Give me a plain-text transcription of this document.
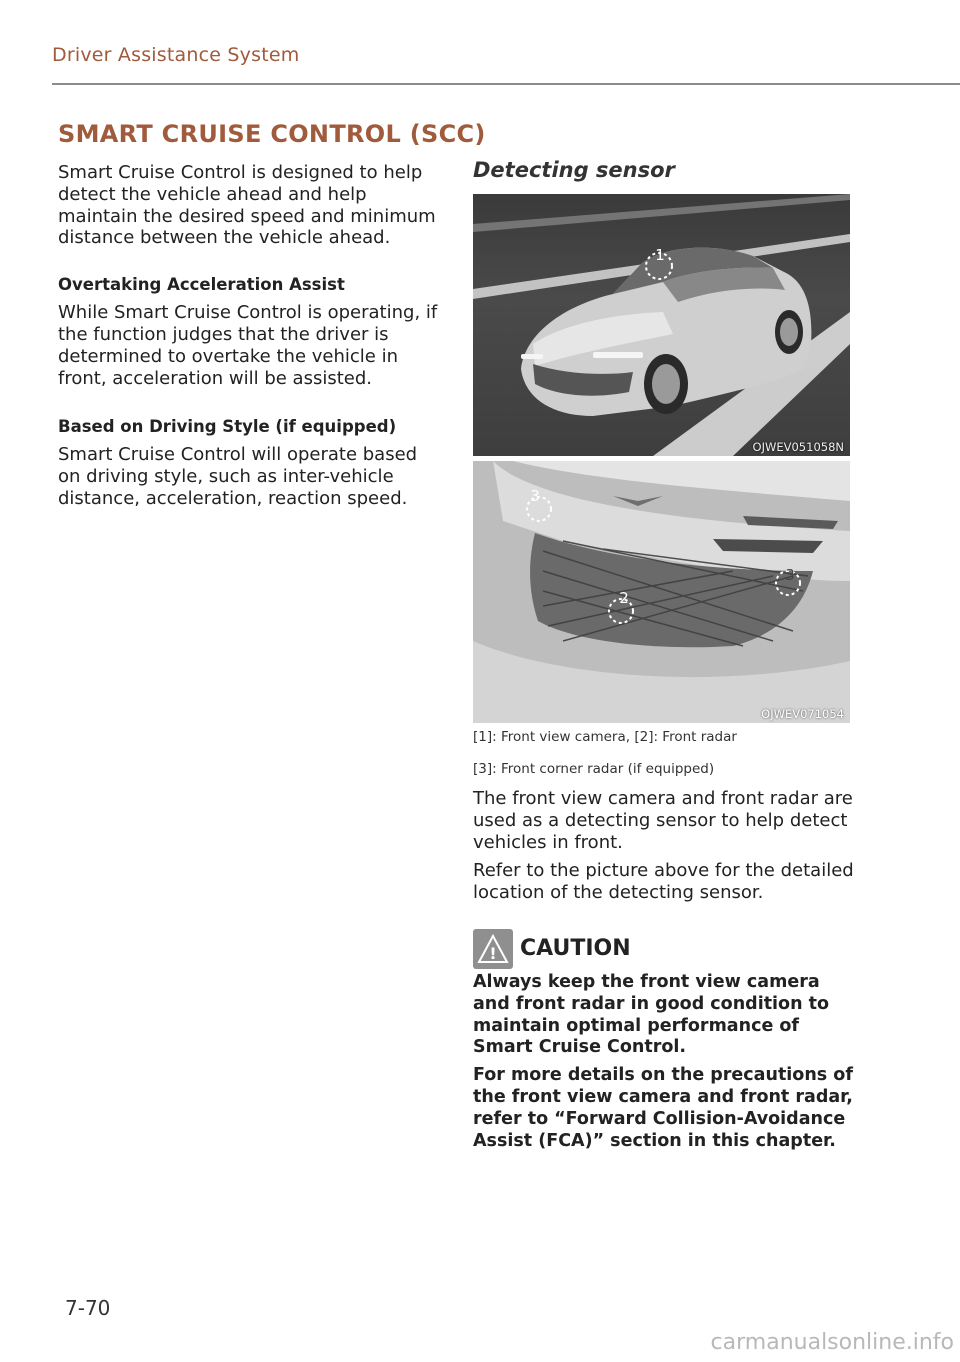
Driver Assistance System
SMART CRUISE CONTROL (SCC)

Smart Cruise Control is designed to help detect the vehicle ahead and help maintain the desired speed and minimum distance between the vehicle ahead.

Overtaking Acceleration Assist

While Smart Cruise Control is operating, if the function judges that the driver is determined to overtake the vehicle in front, acceleration will be assisted.

Based on Driving Style (if equipped)

Smart Cruise Control will operate based on driving style, such as inter-vehicle distance, acceleration, reaction speed.

Detecting sensor

1
OJWEV051058N
3
2
3
OJWEV071054
[1]: Front view camera, [2]: Front radar
[3]: Front corner radar (if equipped)

The front view camera and front radar are used as a detecting sensor to help detect vehicles in front.

Refer to the picture above for the detailed location of the detecting sensor.

! CAUTION

Always keep the front view camera and front radar in good condition to maintain optimal performance of Smart Cruise Control.

For more details on the precautions of the front view camera and front radar, refer to “Forward Collision-Avoidance Assist (FCA)” section in this chapter.

7-70
carmanualsonline.info
